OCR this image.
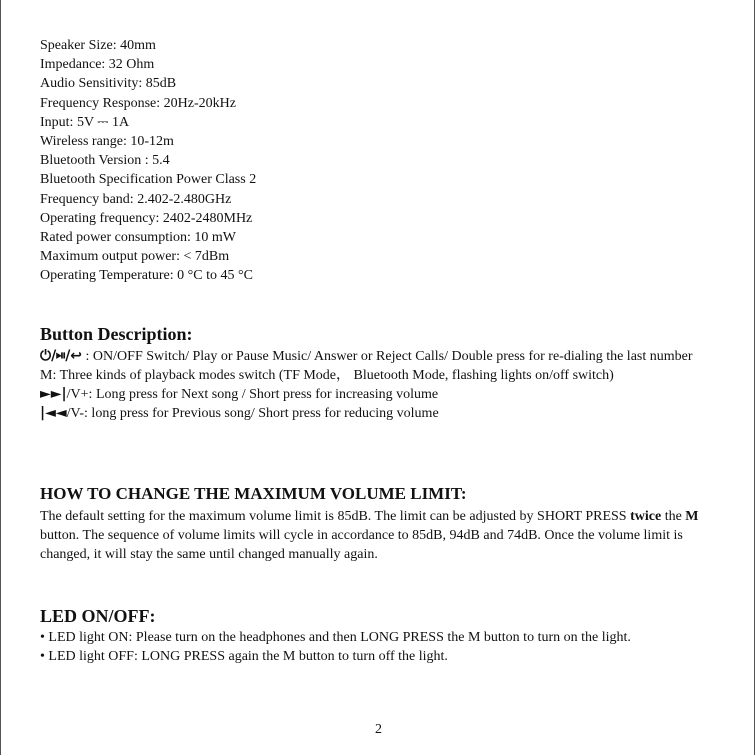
Speaker Size: 40mm
Impedance: 32 Ohm
Audio Sensitivity: 85dB
Frequency Response: 20Hz-20kHz
Input: 5V ⎓ 1A
Wireless range: 10-12m
Bluetooth Version : 5.4
Bluetooth Specification Power Class 2
Frequency band: 2.402-2.480GHz
Operating frequency: 2402-2480MHz
Rated power consumption: 10 mW
Maximum output power: < 7dBm
Operating Temperature: 0 °C to 45 °C
Button Description:
⏻/⏯/↩ : ON/OFF Switch/ Play or Pause Music/ Answer or Reject Calls/ Double press for re-dialing the last number
M: Three kinds of playback modes switch (TF Mode， Bluetooth Mode, flashing lights on/off switch)
►►|/V+: Long press for Next song / Short press for increasing volume
|◄◄/V-: long press for Previous song/ Short press for reducing volume
HOW TO CHANGE THE MAXIMUM VOLUME LIMIT:
The default setting for the maximum volume limit is 85dB. The limit can be adjusted by SHORT PRESS twice the M button. The sequence of volume limits will cycle in accordance to 85dB, 94dB and 74dB. Once the volume limit is changed, it will stay the same until changed manually again.
LED ON/OFF:
• LED light ON: Please turn on the headphones and then LONG PRESS the M button to turn on the light.
• LED light OFF: LONG PRESS again the M button to turn off the light.
2
